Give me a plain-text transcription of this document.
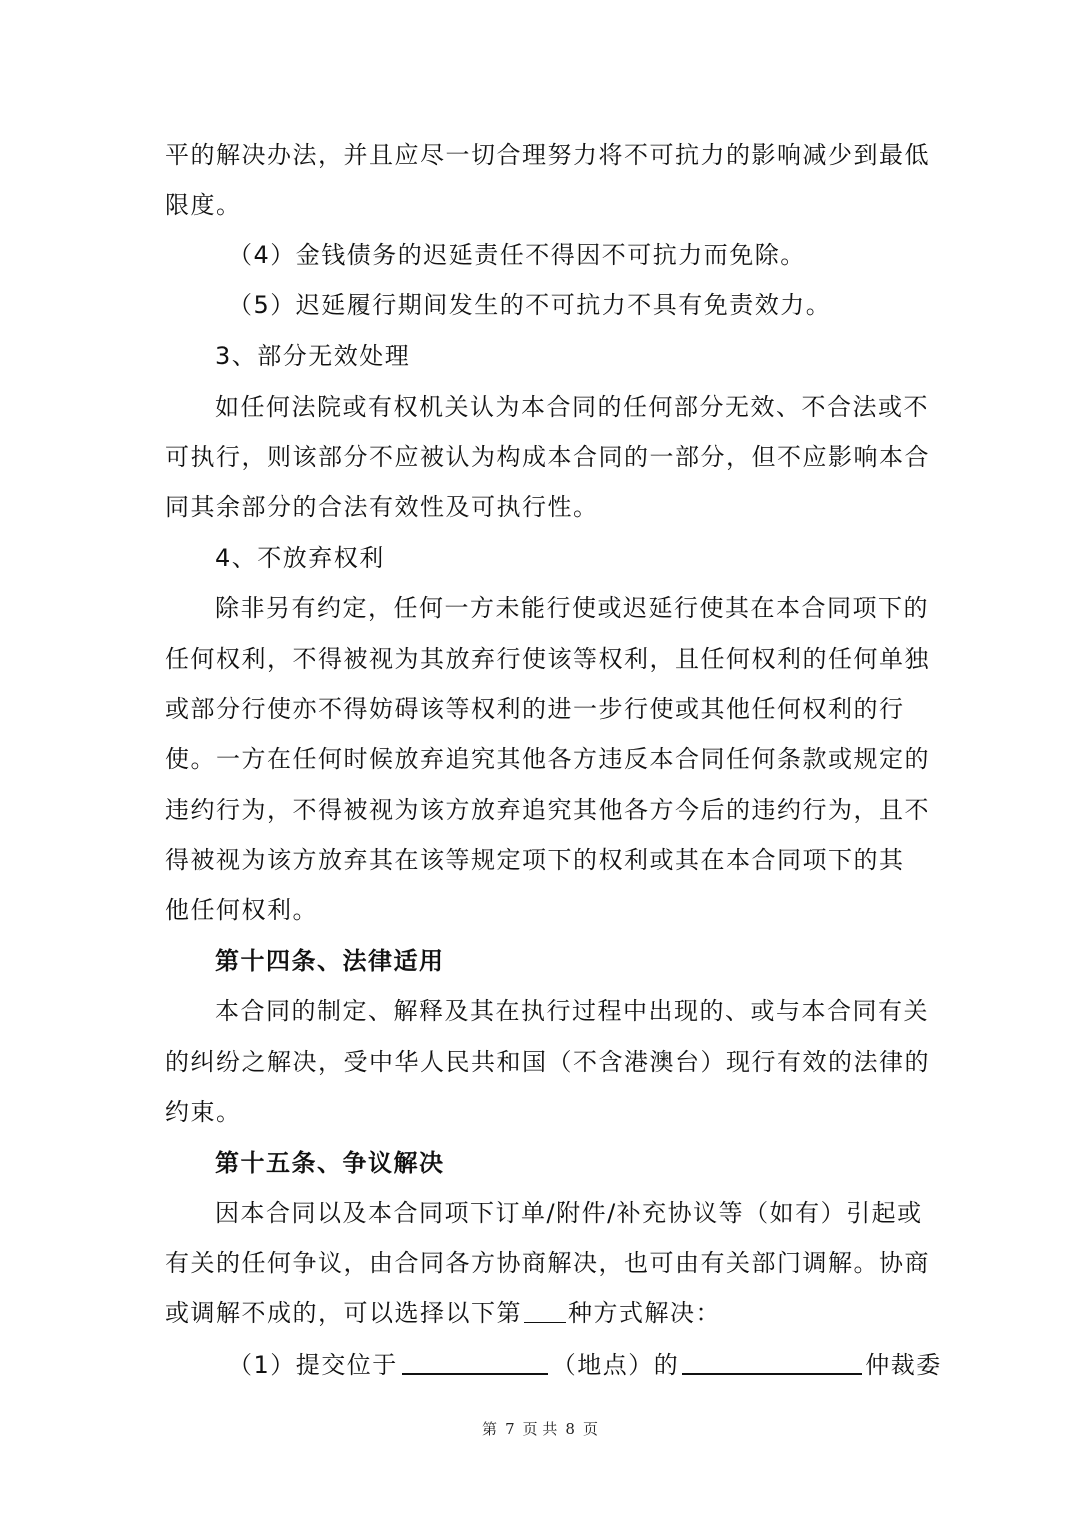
平的解决办法，并且应尽一切合理努力将不可抗力的影响减少到最低
限度。
（4）金钱债务的迟延责任不得因不可抗力而免除。
（5）迟延履行期间发生的不可抗力不具有免责效力。
3、部分无效处理
如任何法院或有权机关认为本合同的任何部分无效、不合法或不
可执行，则该部分不应被认为构成本合同的一部分，但不应影响本合
同其余部分的合法有效性及可执行性。
4、不放弃权利
除非另有约定，任何一方未能行使或迟延行使其在本合同项下的
任何权利，不得被视为其放弃行使该等权利，且任何权利的任何单独
或部分行使亦不得妨碍该等权利的进一步行使或其他任何权利的行
使。一方在任何时候放弃追究其他各方违反本合同任何条款或规定的
违约行为，不得被视为该方放弃追究其他各方今后的违约行为，且不
得被视为该方放弃其在该等规定项下的权利或其在本合同项下的其
他任何权利。
第十四条、法律适用
本合同的制定、解释及其在执行过程中出现的、或与本合同有关
的纠纷之解决，受中华人民共和国（不含港澳台）现行有效的法律的
约束。
第十五条、争议解决
因本合同以及本合同项下订单/附件/补充协议等（如有）引起或
有关的任何争议，由合同各方协商解决，也可由有关部门调解。协商
或调解不成的，可以选择以下第 种方式解决：
（1）提交位于	（地点）的	仲裁委
第 7 页 共 8 页
